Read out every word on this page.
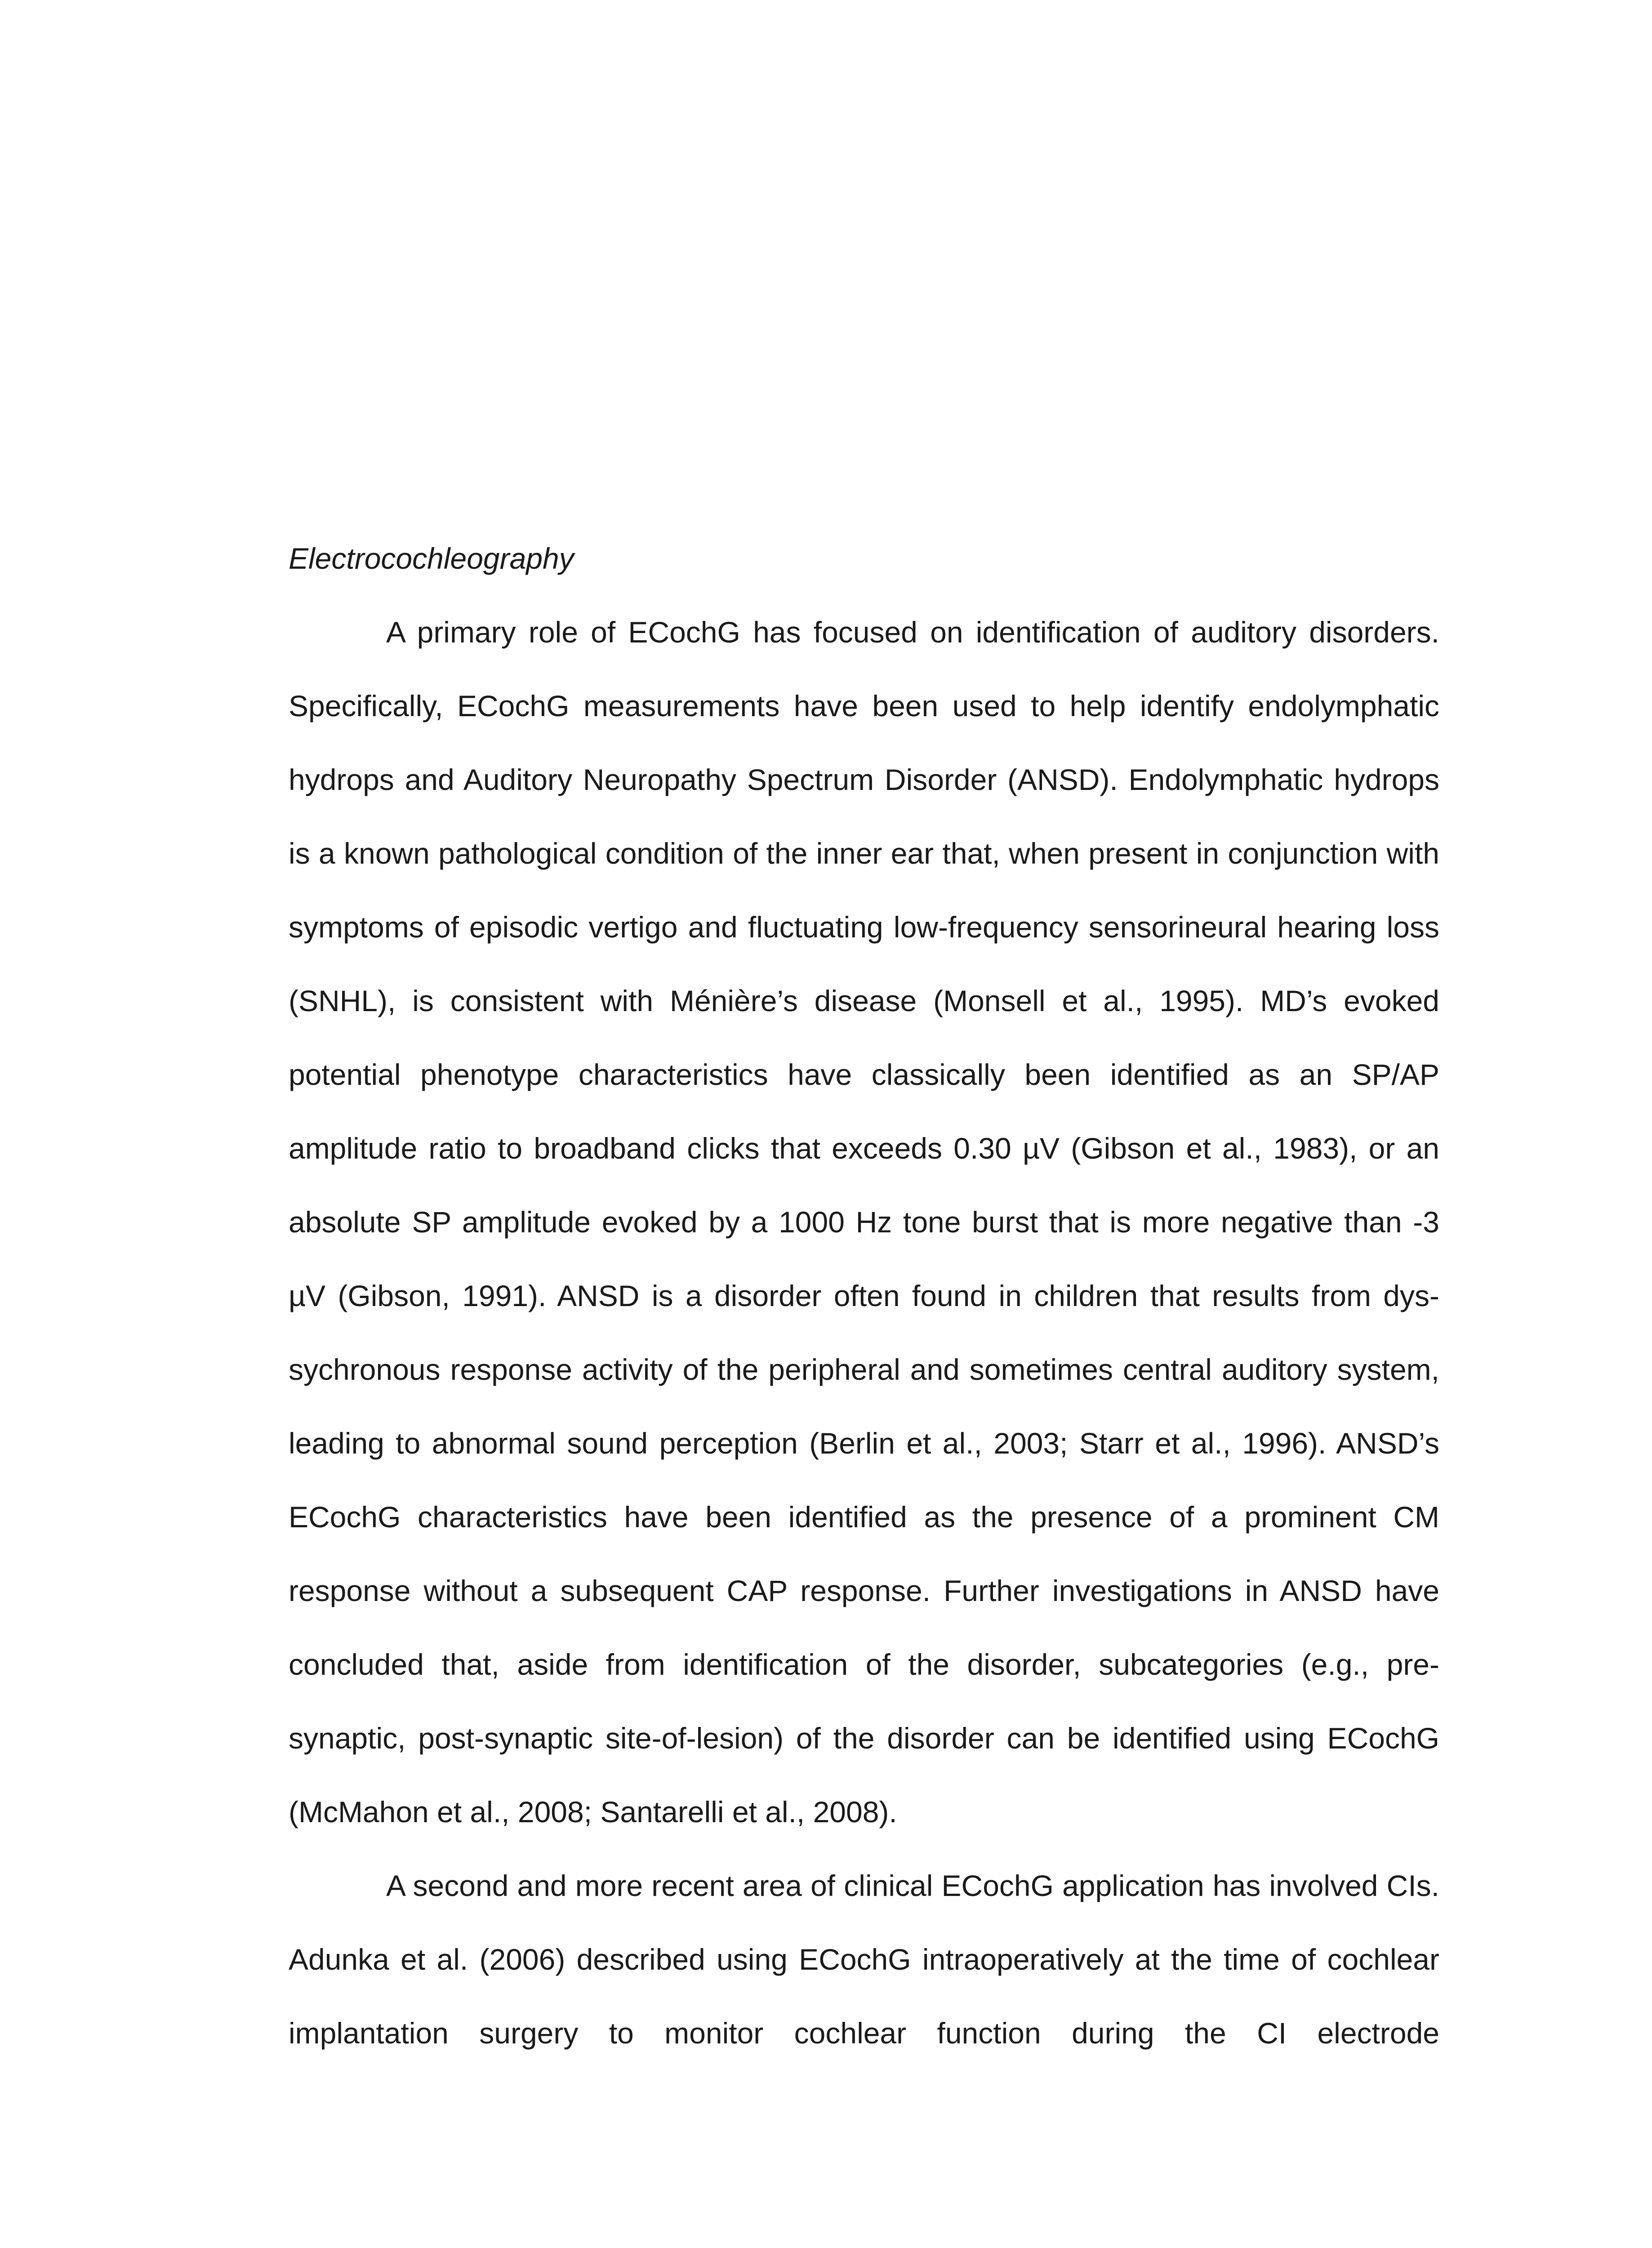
Electrocochleography

A primary role of ECochG has focused on identification of auditory disorders. Specifically, ECochG measurements have been used to help identify endolymphatic hydrops and Auditory Neuropathy Spectrum Disorder (ANSD). Endolymphatic hydrops is a known pathological condition of the inner ear that, when present in conjunction with symptoms of episodic vertigo and fluctuating low-frequency sensorineural hearing loss (SNHL), is consistent with Ménière’s disease (Monsell et al., 1995). MD’s evoked potential phenotype characteristics have classically been identified as an SP/AP amplitude ratio to broadband clicks that exceeds 0.30 µV (Gibson et al., 1983), or an absolute SP amplitude evoked by a 1000 Hz tone burst that is more negative than -3 µV (Gibson, 1991). ANSD is a disorder often found in children that results from dys-sychronous response activity of the peripheral and sometimes central auditory system, leading to abnormal sound perception (Berlin et al., 2003; Starr et al., 1996). ANSD’s ECochG characteristics have been identified as the presence of a prominent CM response without a subsequent CAP response. Further investigations in ANSD have concluded that, aside from identification of the disorder, subcategories (e.g., pre-synaptic, post-synaptic site-of-lesion) of the disorder can be identified using ECochG (McMahon et al., 2008; Santarelli et al., 2008).

A second and more recent area of clinical ECochG application has involved CIs. Adunka et al. (2006) described using ECochG intraoperatively at the time of cochlear implantation surgery to monitor cochlear function during the CI electrode
